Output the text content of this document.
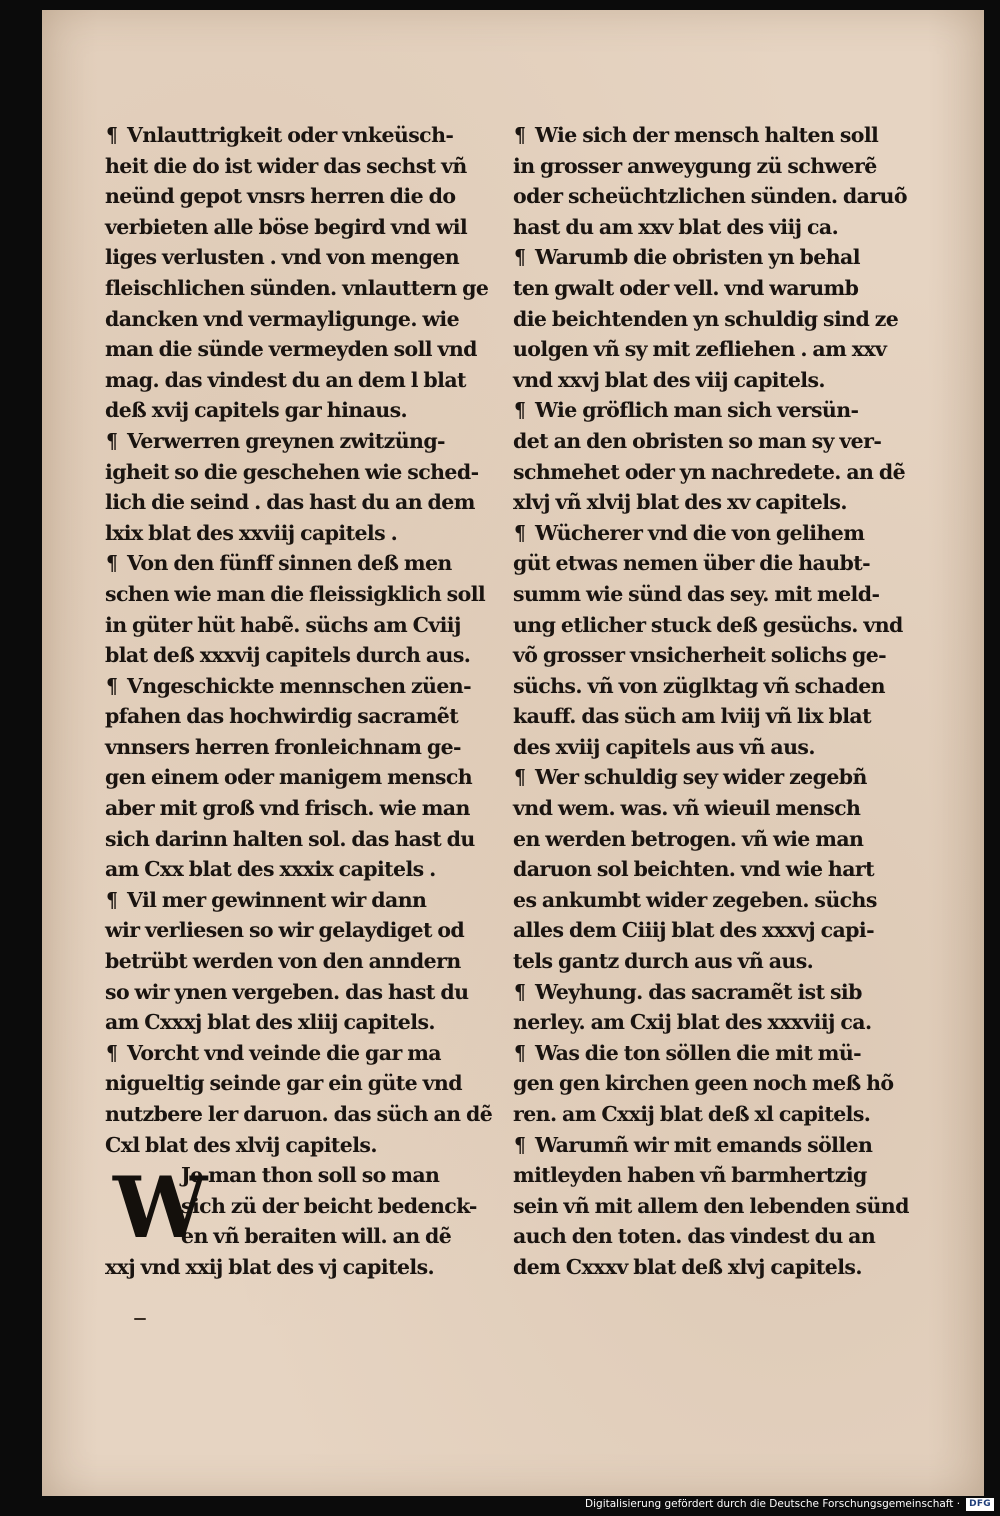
¶ Vnlauttrigkeit oder vnkeüsch-
heit die do ist wider das sechst vñ
neünd gepot vnsrs herren die do
verbieten alle böse begird vnd wil
liges verlusten . vnd von mengen
fleischlichen sünden. vnlauttern ge
dancken vnd vermayligunge. wie
man die sünde vermeyden soll vnd
mag. das vindest du an dem l blat
deß xvij capitels gar hinaus.
¶ Verwerren greynen zwitzüng-
igheit so die geschehen wie sched-
lich die seind . das hast du an dem
lxix blat des xxviij capitels .
¶ Von den fünff sinnen deß men
schen wie man die fleissigklich soll
in güter hüt habẽ. süchs am Cviij
blat deß xxxvij capitels durch aus.
¶ Vngeschickte mennschen züen-
pfahen das hochwirdig sacramẽt
vnnsers herren fronleichnam ge-
gen einem oder manigem mensch
aber mit groß vnd frisch. wie man
sich darinn halten sol. das hast du
am Cxx blat des xxxix capitels .
¶ Vil mer gewinnent wir dann
wir verliesen so wir gelaydiget od
betrübt werden von den anndern
so wir ynen vergeben. das hast du
am Cxxxj blat des xliij capitels.
¶ Vorcht vnd veinde die gar ma
nigueltig seinde gar ein güte vnd
nutzbere ler daruon. das süch an dẽ
Cxl blat des xlvij capitels.
W
Je man thon soll so man
sich zü der beicht bedenck-
en vñ beraiten will. an dẽ
xxj vnd xxij blat des vj capitels.
¶ Wie sich der mensch halten soll
in grosser anweygung zü schwerẽ
oder scheüchtzlichen sünden. daruõ
hast du am xxv blat des viij ca.
¶ Warumb die obristen yn behal
ten gwalt oder vell. vnd warumb
die beichtenden yn schuldig sind ze
uolgen vñ sy mit zefliehen . am xxv
vnd xxvj blat des viij capitels.
¶ Wie gröflich man sich versün-
det an den obristen so man sy ver-
schmehet oder yn nachredete. an dẽ
xlvj vñ xlvij blat des xv capitels.
¶ Wücherer vnd die von gelihem
güt etwas nemen über die haubt-
summ wie sünd das sey. mit meld-
ung etlicher stuck deß gesüchs. vnd
võ grosser vnsicherheit solichs ge-
süchs. vñ von züglktag vñ schaden
kauff. das süch am lviij vñ lix blat
des xviij capitels aus vñ aus.
¶ Wer schuldig sey wider zegebñ
vnd wem. was. vñ wieuil mensch
en werden betrogen. vñ wie man
daruon sol beichten. vnd wie hart
es ankumbt wider zegeben. süchs
alles dem Ciiij blat des xxxvj capi-
tels gantz durch aus vñ aus.
¶ Weyhung. das sacramẽt ist sib
nerley. am Cxij blat des xxxviij ca.
¶ Was die ton söllen die mit mü-
gen gen kirchen geen noch meß hõ
ren. am Cxxij blat deß xl capitels.
¶ Warumñ wir mit emands söllen
mitleyden haben vñ barmhertzig
sein vñ mit allem den lebenden sünd
auch den toten. das vindest du an
dem Cxxxv blat deß xlvj capitels.
Digitalisierung gefördert durch die Deutsche Forschungsgemeinschaft ·	DFG
